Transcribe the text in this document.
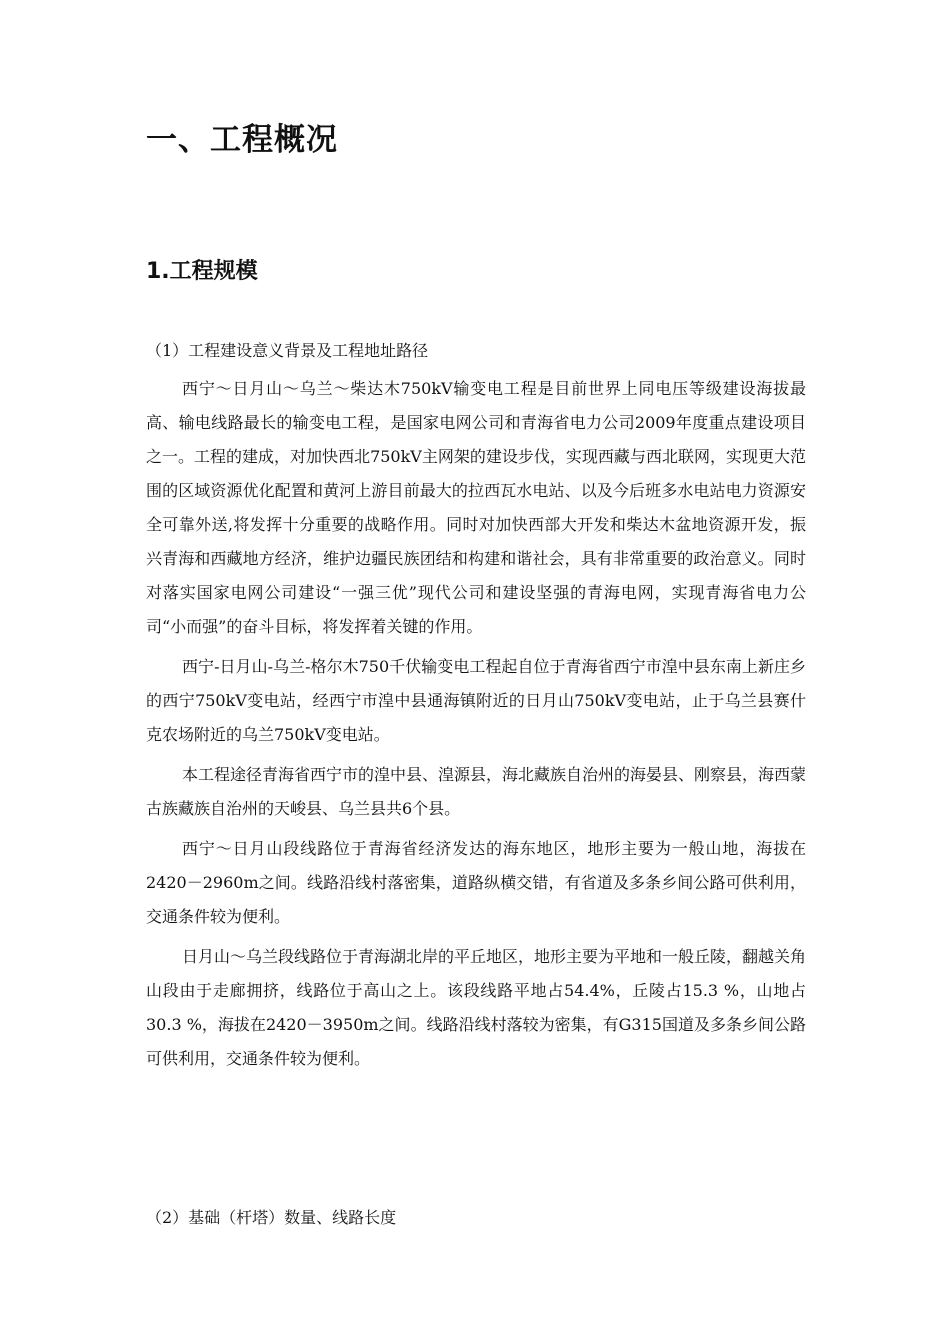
一、工程概况
1.工程规模
（1）工程建设意义背景及工程地址路径

西宁～日月山～乌兰～柴达木750kV输变电工程是目前世界上同电压等级建设海拔最高、输电线路最长的输变电工程，是国家电网公司和青海省电力公司2009年度重点建设项目之一。工程的建成，对加快西北750kV主网架的建设步伐，实现西藏与西北联网，实现更大范围的区域资源优化配置和黄河上游目前最大的拉西瓦水电站、以及今后班多水电站电力资源安全可靠外送,将发挥十分重要的战略作用。同时对加快西部大开发和柴达木盆地资源开发，振兴青海和西藏地方经济，维护边疆民族团结和构建和谐社会，具有非常重要的政治意义。同时对落实国家电网公司建设“一强三优”现代公司和建设坚强的青海电网，实现青海省电力公司“小而强”的奋斗目标，将发挥着关键的作用。

西宁-日月山-乌兰-格尔木750千伏输变电工程起自位于青海省西宁市湟中县东南上新庄乡的西宁750kV变电站，经西宁市湟中县通海镇附近的日月山750kV变电站，止于乌兰县赛什克农场附近的乌兰750kV变电站。

本工程途径青海省西宁市的湟中县、湟源县，海北藏族自治州的海晏县、刚察县，海西蒙古族藏族自治州的天峻县、乌兰县共6个县。

西宁～日月山段线路位于青海省经济发达的海东地区，地形主要为一般山地，海拔在2420－2960m之间。线路沿线村落密集，道路纵横交错，有省道及多条乡间公路可供利用，交通条件较为便利。

日月山～乌兰段线路位于青海湖北岸的平丘地区，地形主要为平地和一般丘陵，翻越关角山段由于走廊拥挤，线路位于高山之上。该段线路平地占54.4%，丘陵占15.3 %，山地占30.3 %，海拔在2420－3950m之间。线路沿线村落较为密集，有G315国道及多条乡间公路可供利用，交通条件较为便利。

（2）基础（杆塔）数量、线路长度
